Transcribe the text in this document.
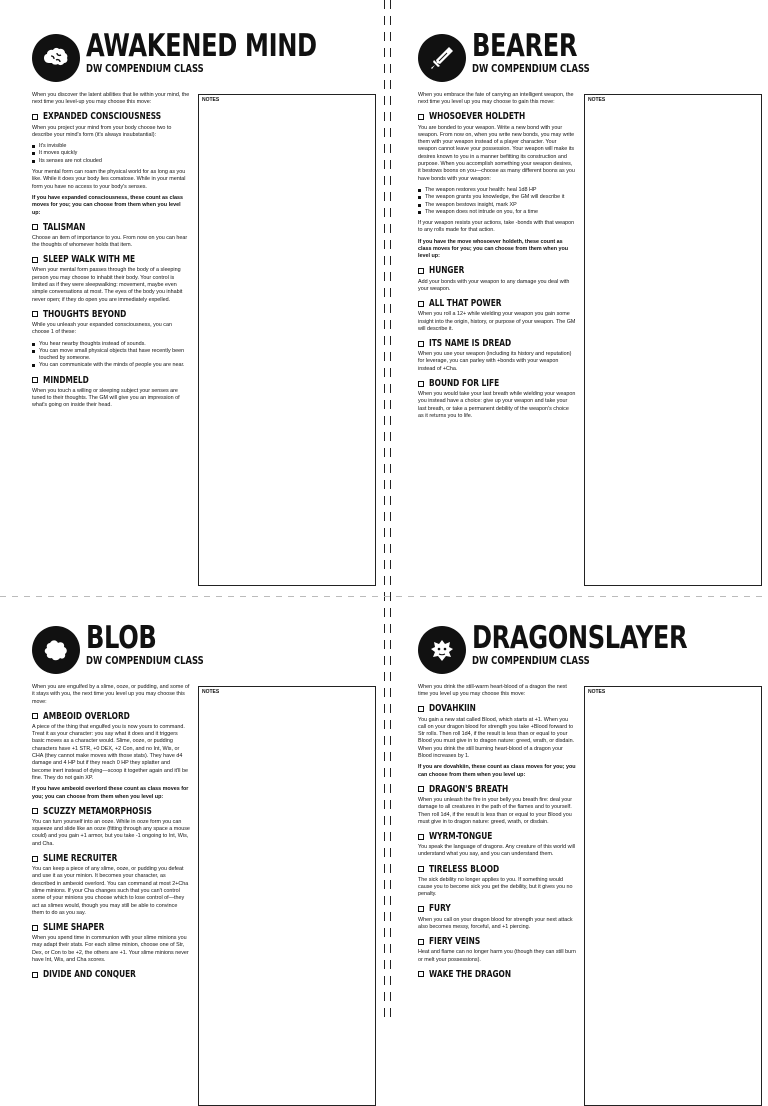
AWAKENED MIND
DW COMPENDIUM CLASS

When you discover the latent abilities that lie within your mind, the next time you level-up you may choose this move:

EXPANDED CONSCIOUSNESS

When you project your mind from your body choose two to describe your mind's form (it's always insubstantial):

It's invisible
It moves quickly
Its senses are not clouded

Your mental form can roam the physical world for as long as you like. While it does your body lies comatose. While in your mental form you have no access to your body's senses.

If you have expanded consciousness, these count as class moves for you; you can choose from them when you level up:

TALISMAN

Choose an item of importance to you. From now on you can hear the thoughts of whomever holds that item.

SLEEP WALK WITH ME

When your mental form passes through the body of a sleeping person you may choose to inhabit their body. Your control is limited as if they were sleepwalking: movement, maybe even simple conversations at most. The eyes of the body you inhabit never open; if they do open you are immediately expelled.

THOUGHTS BEYOND

While you unleash your expanded consciousness, you can choose 1 of these:

You hear nearby thoughts instead of sounds.
You can move small physical objects that have recently been touched by someone.
You can communicate with the minds of people you are near.
MINDMELD

When you touch a willing or sleeping subject your senses are tuned to their thoughts. The GM will give you an impression of what's going on inside their head.

NOTES
BEARER
DW COMPENDIUM CLASS

When you embrace the fate of carrying an intelligent weapon, the next time you level up you may choose to gain this move:

WHOSOEVER HOLDETH

You are bonded to your weapon. Write a new bond with your weapon. From now on, when you write new bonds, you may write them with your weapon instead of a player character. Your weapon cannot leave your possession. Your weapon will make its desires known to you in a manner befitting its construction and purpose. When you accomplish something your weapon desires, it bestows boons on you—choose as many different boons as you have bonds with your weapon:

The weapon restores your health: heal 1d8 HP
The weapon grants you knowledge, the GM will describe it
The weapon bestows insight, mark XP
The weapon does not intrude on you, for a time

If your weapon resists your actions, take -bonds with that weapon to any rolls made for that action.

If you have the move whosoever holdeth, these count as class moves for you; you can choose from them when you level up:

HUNGER

Add your bonds with your weapon to any damage you deal with your weapon.

ALL THAT POWER

When you roll a 12+ while wielding your weapon you gain some insight into the origin, history, or purpose of your weapon. The GM will describe it.

ITS NAME IS DREAD

When you use your weapon (including its history and reputation) for leverage, you can parley with +bonds with your weapon instead of +Cha.

BOUND FOR LIFE

When you would take your last breath while wielding your weapon you instead have a choice: give up your weapon and take your last breath, or take a permanent debility of the weapon's choice as it returns you to life.

NOTES
BLOB
DW COMPENDIUM CLASS

When you are engulfed by a slime, ooze, or pudding, and some of it stays with you, the next time you level up you may choose this move:

AMBEOID OVERLORD

A piece of the thing that engulfed you is now yours to command. Treat it as your character: you say what it does and it triggers basic moves as a character would. Slime, ooze, or pudding characters have +1 STR, +0 DEX, +2 Con, and no Int, Wis, or CHA (they cannot make moves with those stats). They have d4 damage and 4 HP but if they reach 0 HP they splatter and become inert instead of dying—scoop it together again and it'll be fine. They do not gain XP.

If you have ambeoid overlord these count as class moves for you; you can choose from them when you level up:

SCUZZY METAMORPHOSIS

You can turn yourself into an ooze. While in ooze form you can squeeze and slide like an ooze (fitting through any space a mouse could) and you gain +1 armor, but you take -1 ongoing to Int, Wis, and Cha.

SLIME RECRUITER

You can keep a piece of any slime, ooze, or pudding you defeat and use it as your minion. It becomes your character, as described in ambeoid overlord. You can command at most 2+Cha slime minions. If your Cha changes such that you can't control some of your minions you choose which to lose control of—they act as slimes would, though you may still be able to convince them to do as you say.

SLIME SHAPER

When you spend time in communion with your slime minions you may adapt their stats. For each slime minion, choose one of Str, Dex, or Con to be +2, the others are +1. Your slime minions never have Int, Wis, and Cha scores.

DIVIDE AND CONQUER
NOTES
DRAGONSLAYER
DW COMPENDIUM CLASS

When you drink the still-warm heart-blood of a dragon the next time you level up you may choose this move:

DOVAHKIIN

You gain a new stat called Blood, which starts at +1. When you call on your dragon blood for strength you take +Blood forward to Str rolls. Then roll 1d4, if the result is less than or equal to your Blood you must give in to dragon nature: greed, wrath, or disdain. When you drink the still burning heart-blood of a dragon your Blood increases by 1.

If you are dovahkiin, these count as class moves for you; you can choose from them when you level up:

DRAGON'S BREATH

When you unleash the fire in your belly you breath fire: deal your damage to all creatures in the path of the flames and to yourself. Then roll 1d4, if the result is less than or equal to your Blood you must give in to dragon nature: greed, wrath, or disdain.

WYRM-TONGUE

You speak the language of dragons. Any creature of this world will understand what you say, and you can understand them.

TIRELESS BLOOD

The sick debility no longer applies to you. If something would cause you to become sick you get the debility, but it gives you no penalty.

FURY

When you call on your dragon blood for strength your next attack also becomes messy, forceful, and +1 piercing.

FIERY VEINS

Heat and flame can no longer harm you (though they can still burn or melt your possessions).

WAKE THE DRAGON
NOTES
